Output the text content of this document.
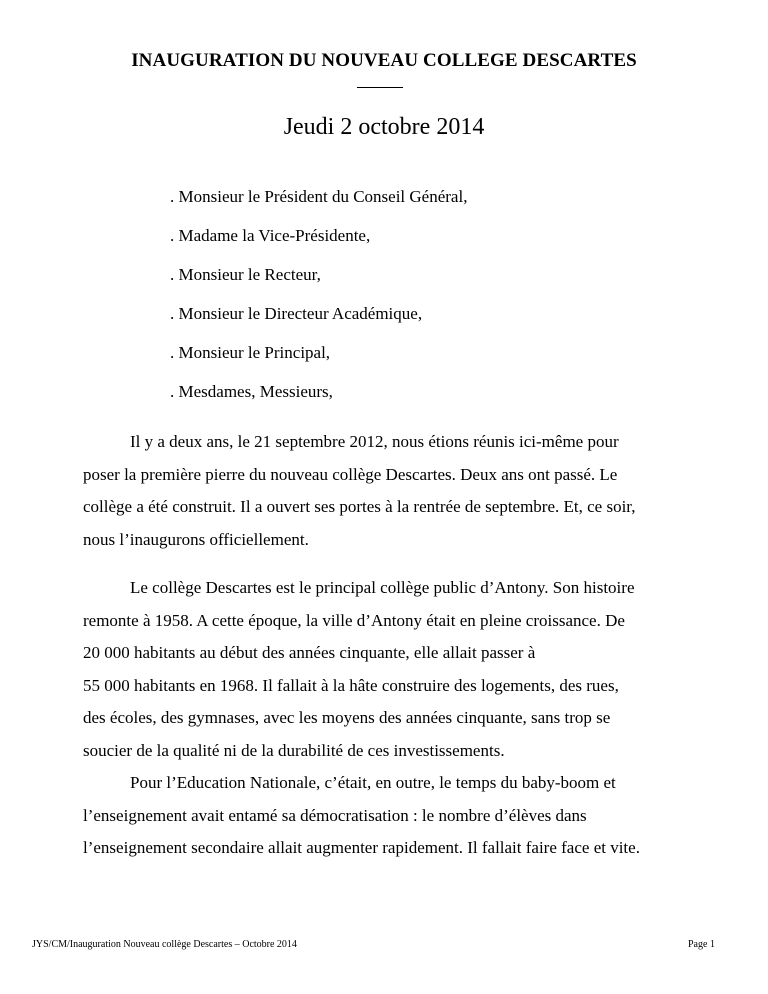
INAUGURATION DU NOUVEAU COLLEGE DESCARTES
Jeudi 2 octobre 2014
. Monsieur le Président du Conseil Général,
. Madame la Vice-Présidente,
. Monsieur le Recteur,
. Monsieur le Directeur Académique,
. Monsieur le Principal,
. Mesdames, Messieurs,

Il y a deux ans, le 21 septembre 2012, nous étions réunis ici-même pour
poser la première pierre du nouveau collège Descartes. Deux ans ont passé. Le
collège a été construit. Il a ouvert ses portes à la rentrée de septembre. Et, ce soir,
nous l’inaugurons officiellement.

Le collège Descartes est le principal collège public d’Antony. Son histoire
remonte à 1958. A cette époque, la ville d’Antony était en pleine croissance. De
20 000 habitants au début des années cinquante, elle allait passer à
55 000 habitants en 1968. Il fallait à la hâte construire des logements, des rues,
des écoles, des gymnases, avec les moyens des années cinquante, sans trop se
soucier de la qualité ni de la durabilité de ces investissements.
Pour l’Education Nationale, c’était, en outre, le temps du baby-boom et
l’enseignement avait entamé sa démocratisation : le nombre d’élèves dans
l’enseignement secondaire allait augmenter rapidement. Il fallait faire face et vite.

JYS/CM/Inauguration Nouveau collège Descartes – Octobre 2014	Page 1
